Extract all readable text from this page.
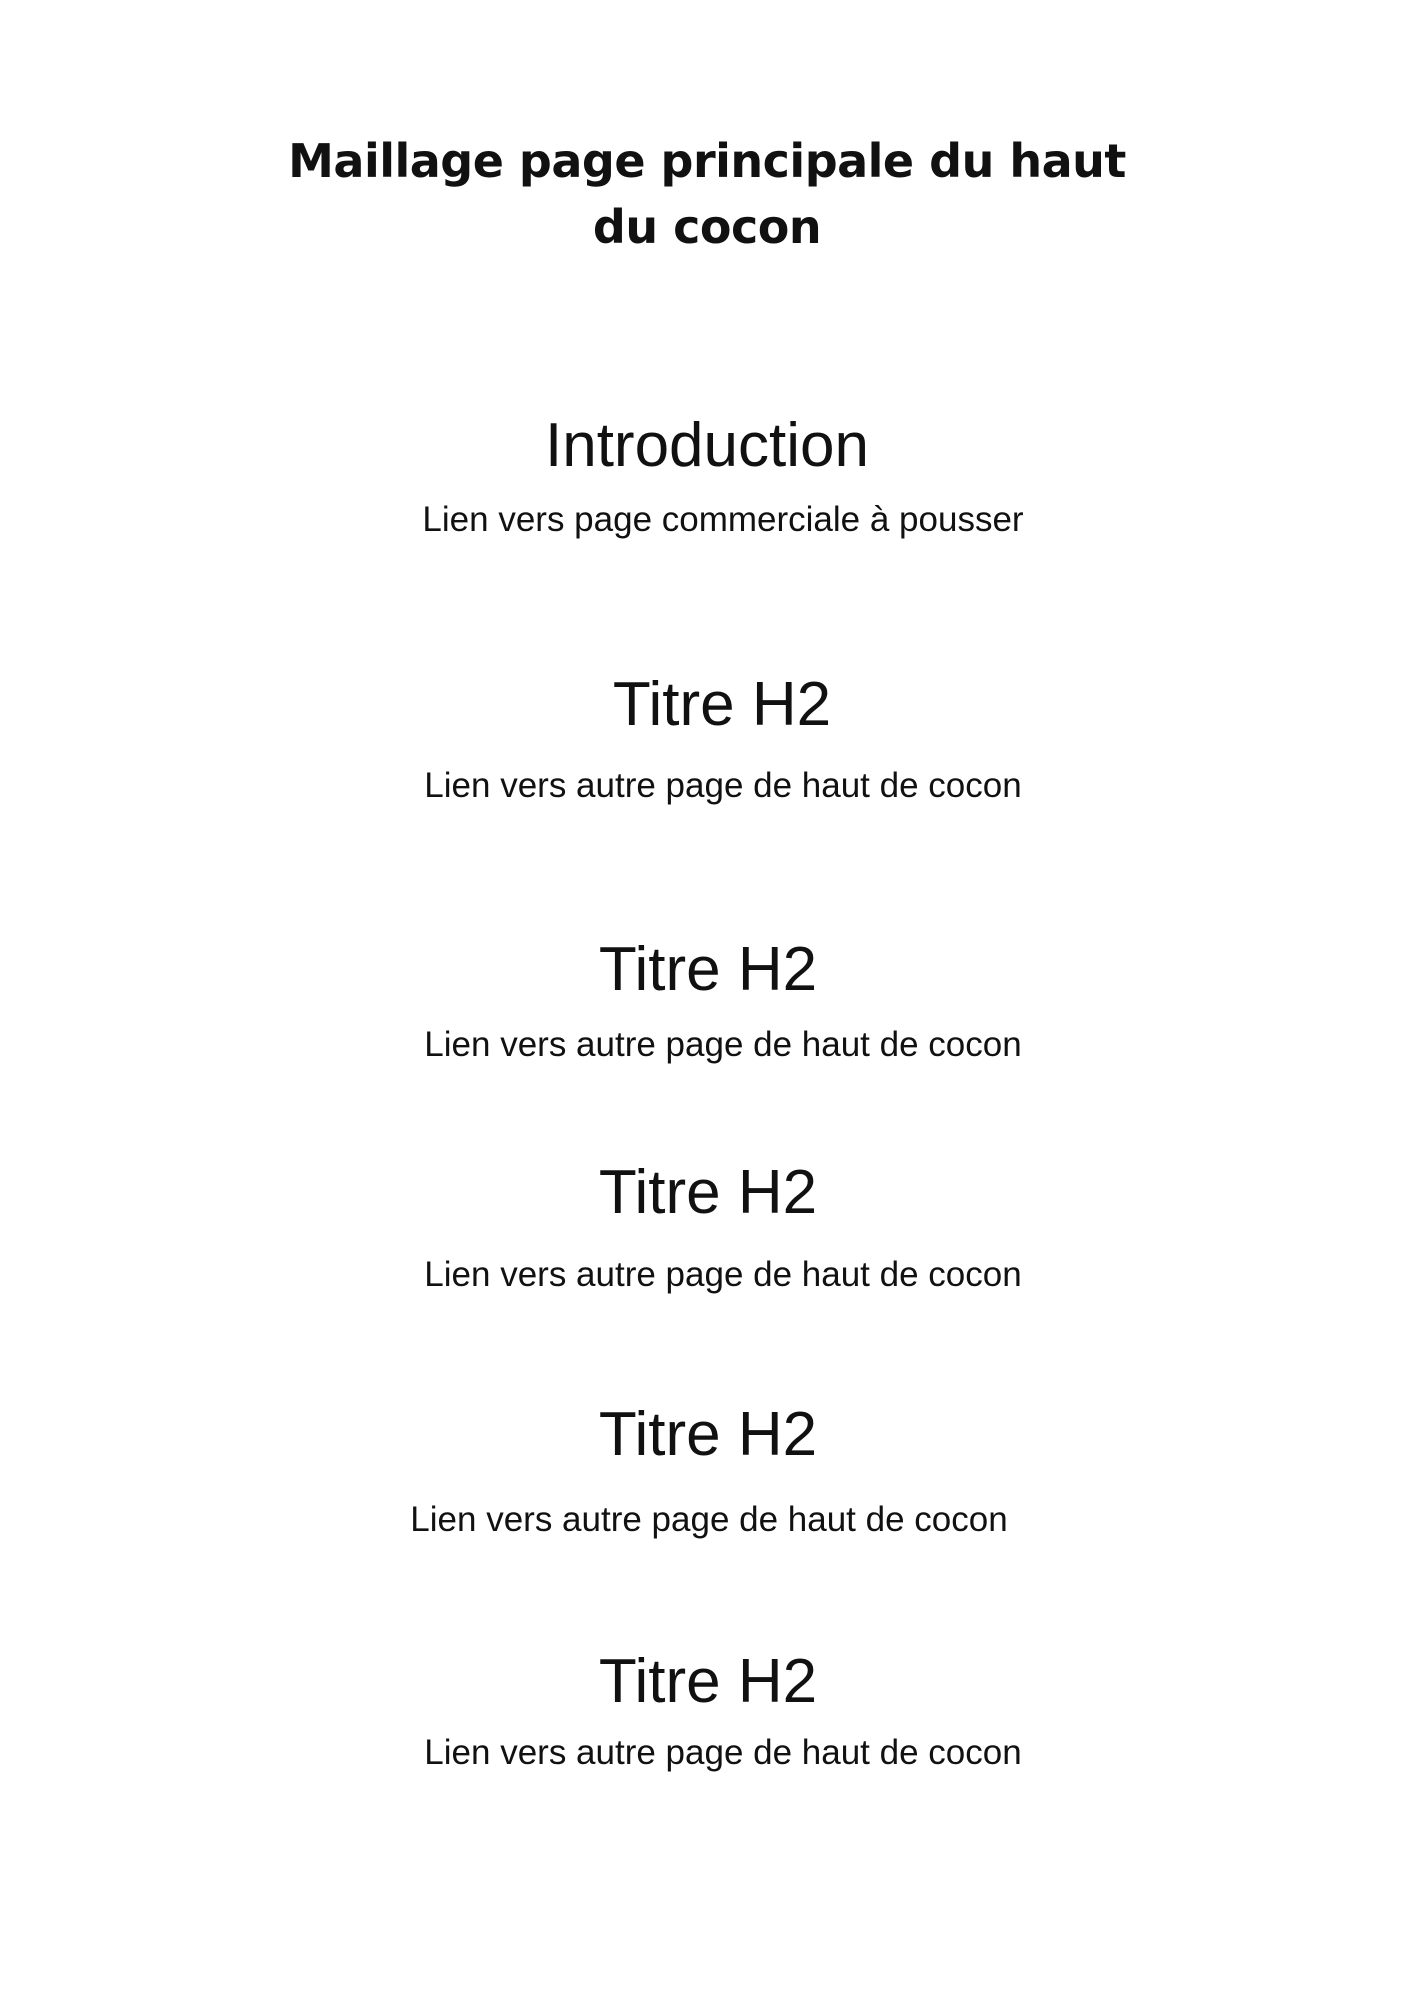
Maillage page principale du haut
du cocon
Introduction

Lien vers page commerciale à pousser

Titre H2

Lien vers autre page de haut de cocon

Titre H2

Lien vers autre page de haut de cocon

Titre H2

Lien vers autre page de haut de cocon

Titre H2

Lien vers autre page de haut de cocon

Titre H2

Lien vers autre page de haut de cocon
